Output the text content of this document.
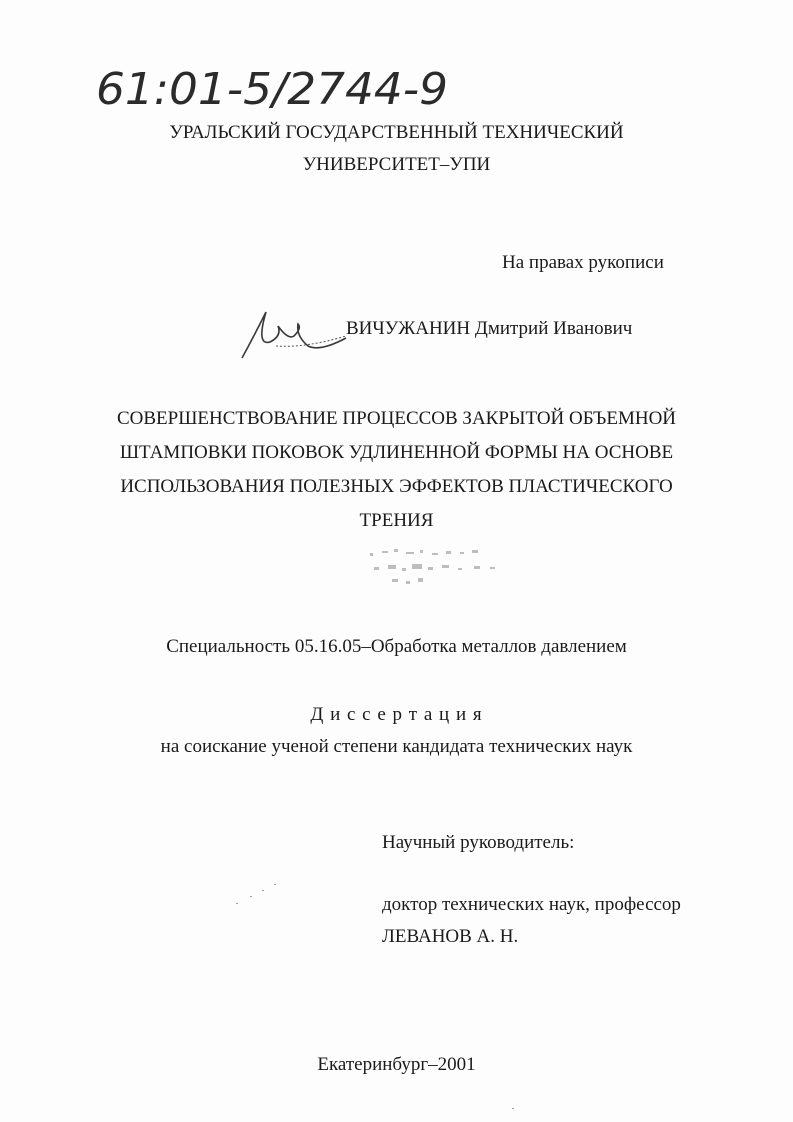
61:01-5/2744-9
УРАЛЬСКИЙ ГОСУДАРСТВЕННЫЙ ТЕХНИЧЕСКИЙ
УНИВЕРСИТЕТ–УПИ
На правах рукописи
ВИЧУЖАНИН Дмитрий Иванович
СОВЕРШЕНСТВОВАНИЕ ПРОЦЕССОВ ЗАКРЫТОЙ ОБЪЕМНОЙ
ШТАМПОВКИ ПОКОВОК УДЛИНЕННОЙ ФОРМЫ НА ОСНОВЕ
ИСПОЛЬЗОВАНИЯ ПОЛЕЗНЫХ ЭФФЕКТОВ ПЛАСТИЧЕСКОГО
ТРЕНИЯ
Специальность 05.16.05–Обработка металлов давлением
Д и с с е р т а ц и я
на соискание ученой степени кандидата технических наук
Научный руководитель:
доктор технических наук, профессор
ЛЕВАНОВ А. Н.
Екатеринбург–2001
